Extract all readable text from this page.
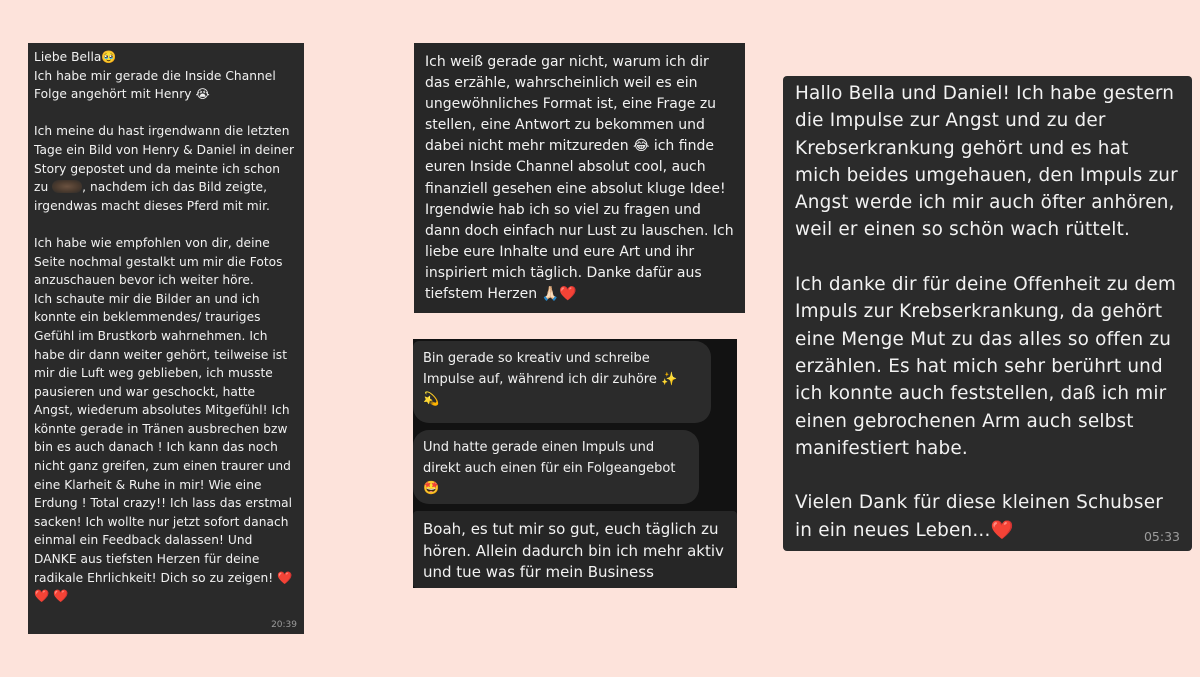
Liebe Bella🥹
Ich habe mir gerade die Inside Channel Folge angehört mit Henry 😭

Ich meine du hast irgendwann die letzten Tage ein Bild von Henry & Daniel in deiner Story gepostet und da meinte ich schon zu	, nachdem ich das Bild zeigte, irgendwas macht dieses Pferd mit mir.

Ich habe wie empfohlen von dir, deine Seite nochmal gestalkt um mir die Fotos anzuschauen bevor ich weiter höre.
Ich schaute mir die Bilder an und ich konnte ein beklemmendes/ trauriges Gefühl im Brustkorb wahrnehmen. Ich habe dir dann weiter gehört, teilweise ist mir die Luft weg geblieben, ich musste pausieren und war geschockt, hatte Angst, wiederum absolutes Mitgefühl! Ich könnte gerade in Tränen ausbrechen bzw bin es auch danach ! Ich kann das noch nicht ganz greifen, zum einen traurer und  eine Klarheit & Ruhe in mir! Wie eine Erdung ! Total crazy!! Ich lass das erstmal sacken! Ich wollte nur jetzt sofort danach einmal ein Feedback dalassen! Und DANKE aus tiefsten Herzen für deine radikale Ehrlichkeit! Dich so zu zeigen! ❤️ ❤️ ❤️
20:39
Ich weiß gerade gar nicht, warum ich dir das erzähle, wahrscheinlich weil es ein ungewöhnliches Format ist, eine Frage zu stellen, eine Antwort zu bekommen und dabei nicht mehr mitzureden 😂 ich finde euren Inside Channel absolut cool, auch finanziell gesehen eine absolut kluge Idee! Irgendwie hab ich so viel zu fragen und dann doch einfach nur Lust zu lauschen. Ich liebe eure Inhalte und eure Art und ihr inspiriert mich täglich. Danke dafür aus tiefstem Herzen 🙏🏻❤️
Bin gerade so kreativ und schreibe Impulse auf, während ich dir zuhöre ✨
💫
Und hatte gerade einen Impuls und direkt auch einen für ein Folgeangebot
🤩
Boah, es tut mir so gut, euch täglich zu hören. Allein dadurch bin ich mehr aktiv und tue was für mein Business
Hallo Bella und Daniel! Ich habe gestern die Impulse zur Angst und zu der Krebserkrankung gehört und es hat mich beides umgehauen, den Impuls zur Angst werde ich mir auch öfter anhören, weil er einen so schön wach rüttelt.

Ich danke dir für deine Offenheit zu dem Impuls zur Krebserkrankung, da gehört eine Menge Mut zu das alles so offen zu erzählen. Es hat mich sehr berührt und ich konnte auch feststellen, daß ich mir einen gebrochenen Arm auch selbst manifestiert habe.

Vielen Dank für diese kleinen Schubser in ein neues Leben...❤️	05:33
